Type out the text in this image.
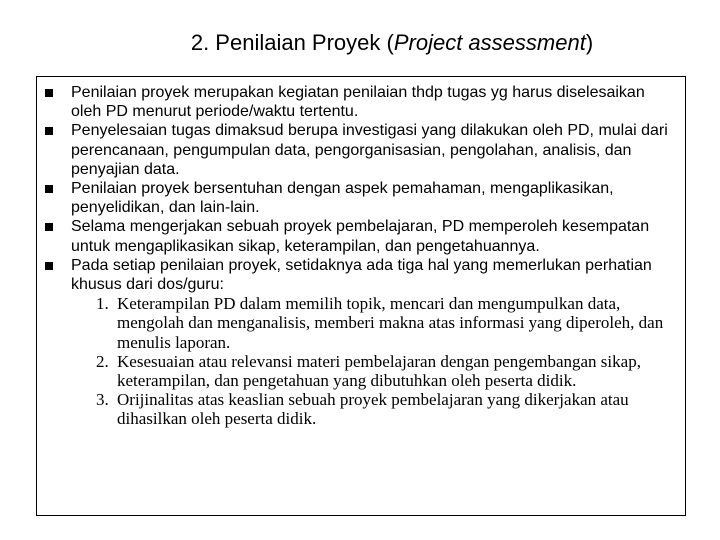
2. Penilaian Proyek (Project assessment)
Penilaian proyek merupakan kegiatan penilaian thdp tugas yg harus diselesaikan oleh PD menurut periode/waktu tertentu.
Penyelesaian tugas dimaksud berupa investigasi yang dilakukan oleh PD, mulai dari perencanaan, pengumpulan data, pengorganisasian, pengolahan, analisis, dan penyajian data.
Penilaian proyek bersentuhan dengan aspek pemahaman, mengaplikasikan, penyelidikan, dan lain-lain.
Selama mengerjakan sebuah proyek pembelajaran, PD memperoleh kesempatan untuk mengaplikasikan sikap, keterampilan, dan pengetahuannya.
Pada setiap penilaian proyek, setidaknya ada tiga hal yang memerlukan perhatian khusus dari dos/guru:
1. Keterampilan PD dalam memilih topik, mencari dan mengumpulkan data, mengolah dan menganalisis, memberi makna atas informasi yang diperoleh, dan menulis laporan.
2. Kesesuaian atau relevansi materi pembelajaran dengan pengembangan sikap, keterampilan, dan pengetahuan yang dibutuhkan oleh peserta didik.
3. Orijinalitas atas keaslian sebuah proyek pembelajaran yang dikerjakan atau dihasilkan oleh peserta didik.
